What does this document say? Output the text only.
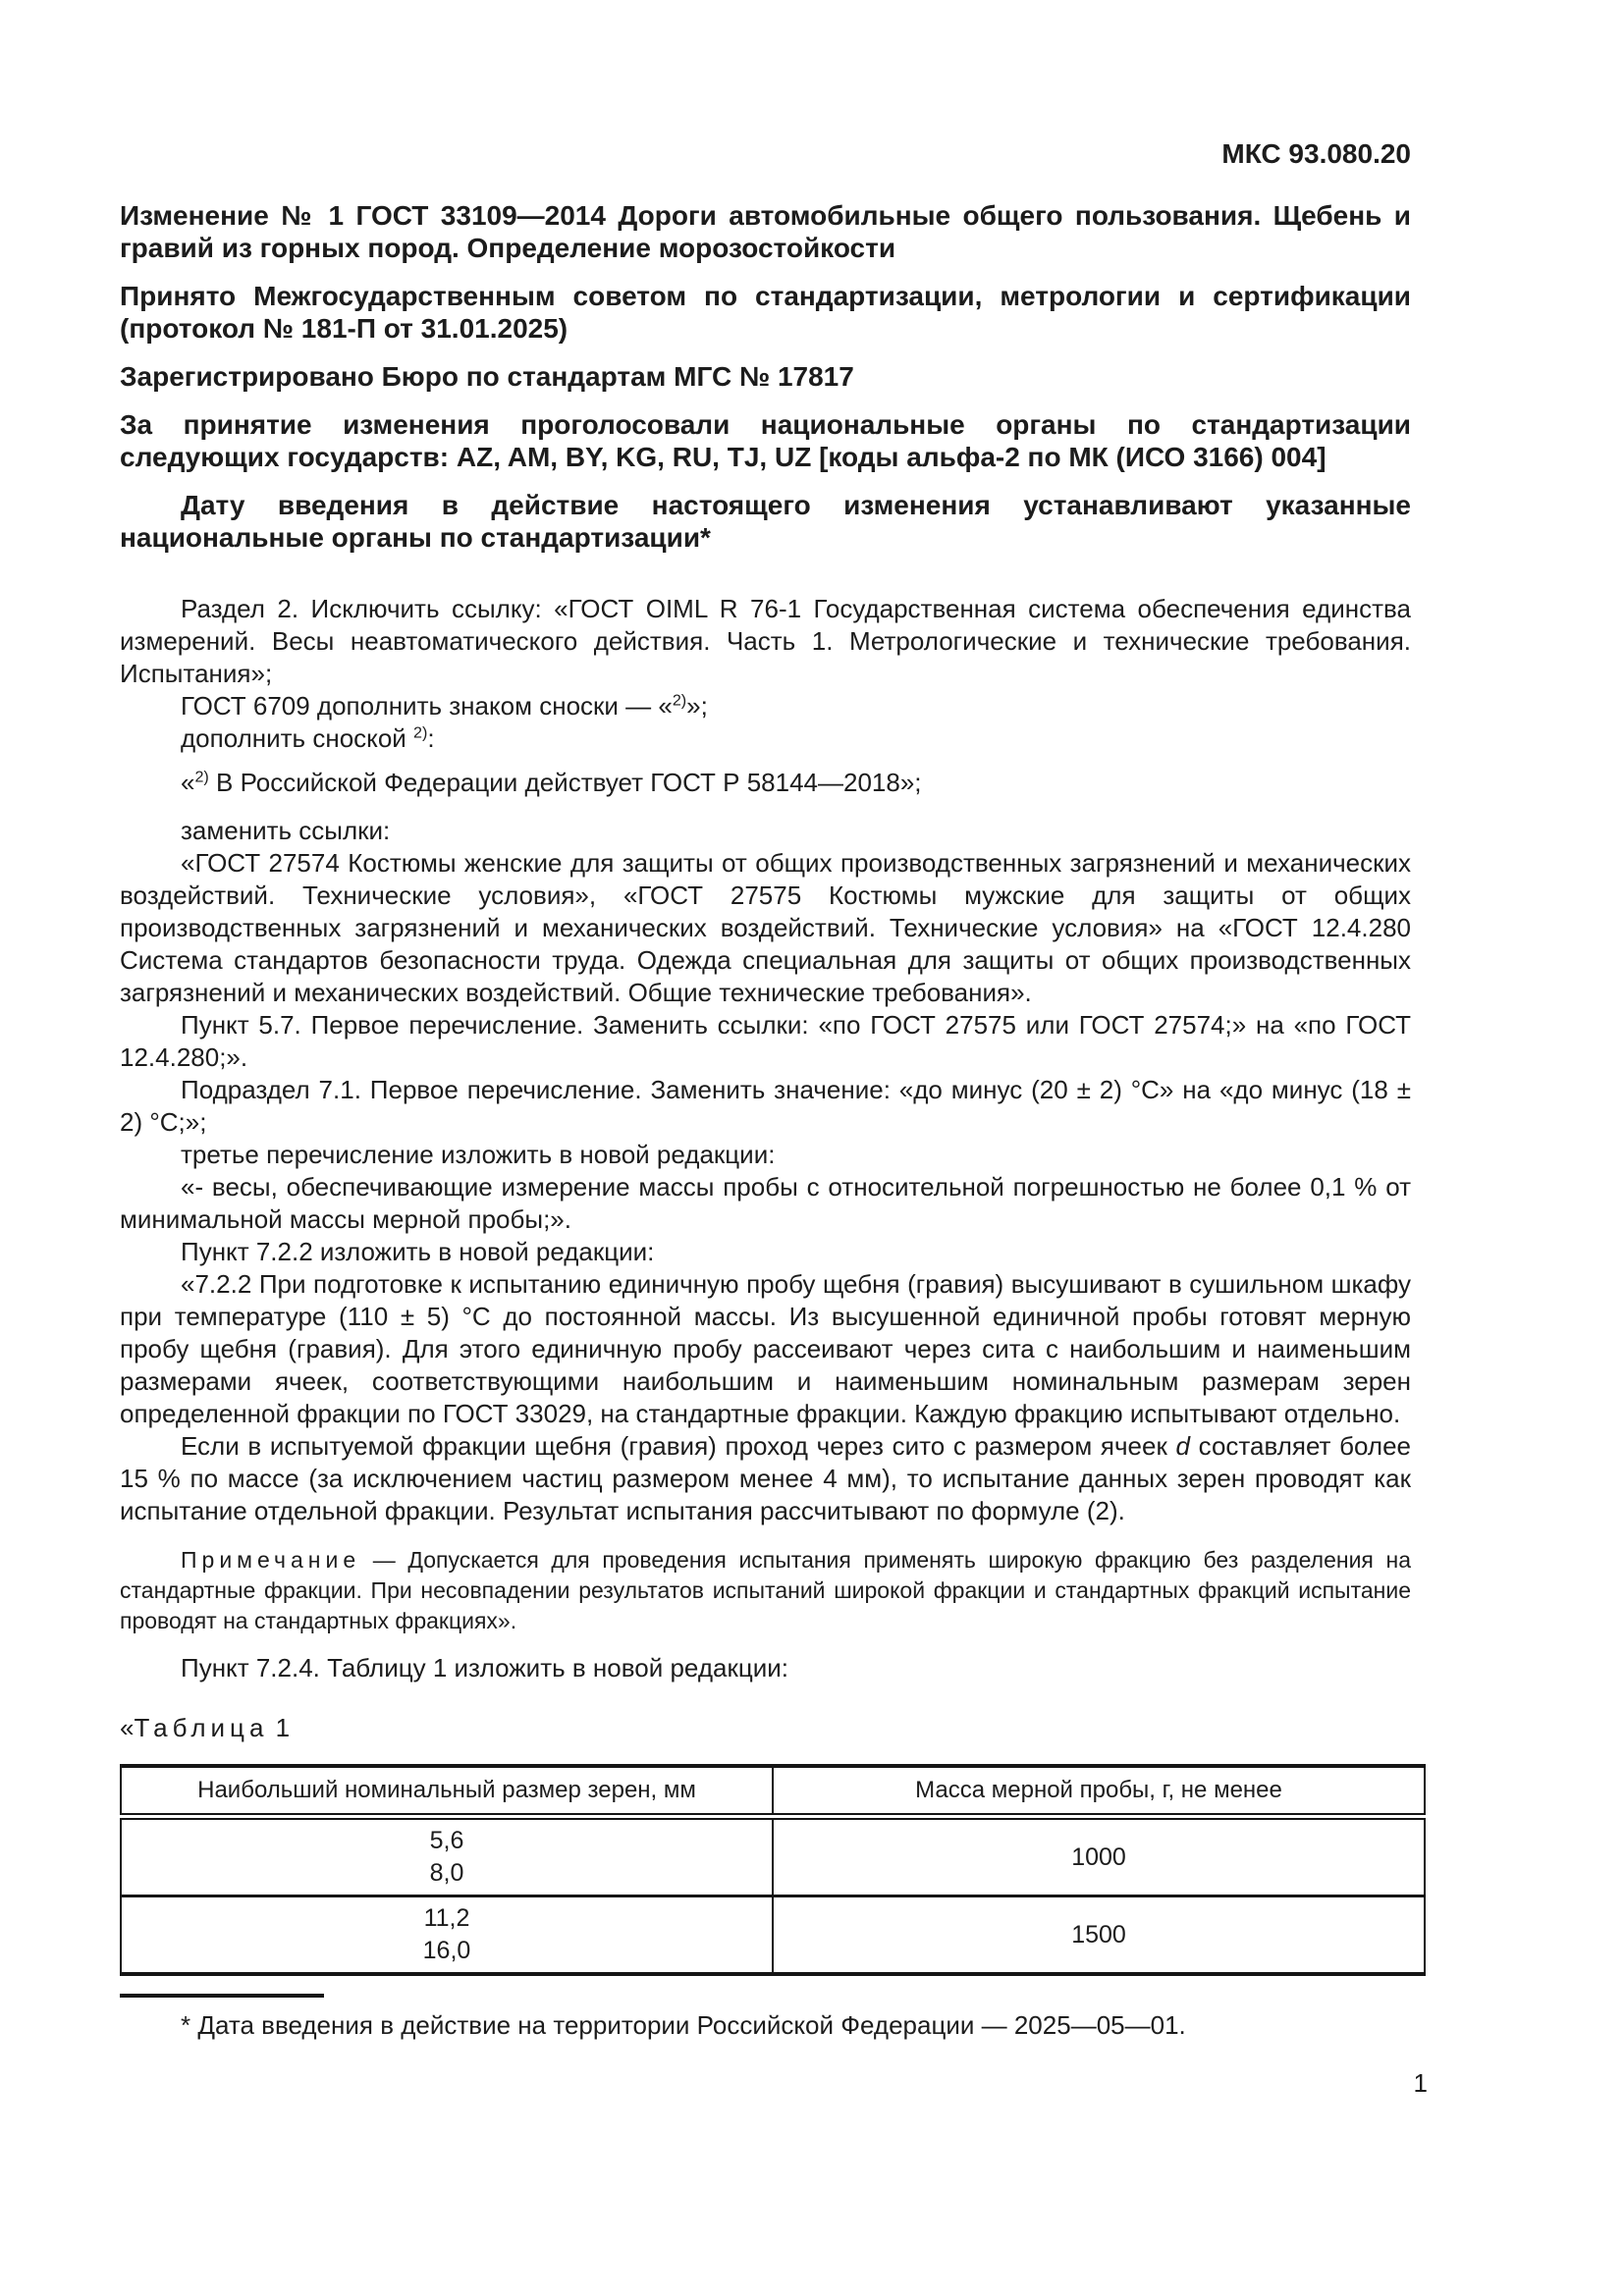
МКС 93.080.20

Изменение № 1 ГОСТ 33109—2014 Дороги автомобильные общего пользования. Щебень и гравий из горных пород. Определение морозостойкости

Принято Межгосударственным советом по стандартизации, метрологии и сертификации (протокол № 181-П от 31.01.2025)

Зарегистрировано Бюро по стандартам МГС № 17817

За принятие изменения проголосовали национальные органы по стандартизации следующих государств: AZ, AM, BY, KG, RU, TJ, UZ [коды альфа-2 по МК (ИСО 3166) 004]

Дату введения в действие настоящего изменения устанавливают указанные национальные органы по стандартизации*

Раздел 2. Исключить ссылку: «ГОСТ OIML R 76-1 Государственная система обеспечения единства измерений. Весы неавтоматического действия. Часть 1. Метрологические и технические требования. Испытания»;

ГОСТ 6709 дополнить знаком сноски — «$^{2)}$»;

дополнить сноской $^{2)}$:

«$^{2)}$ В Российской Федерации действует ГОСТ Р 58144—2018»;

заменить ссылки:

«ГОСТ 27574 Костюмы женские для защиты от общих производственных загрязнений и механических воздействий. Технические условия», «ГОСТ 27575 Костюмы мужские для защиты от общих производственных загрязнений и механических воздействий. Технические условия» на «ГОСТ 12.4.280 Система стандартов безопасности труда. Одежда специальная для защиты от общих производственных загрязнений и механических воздействий. Общие технические требования».

Пункт 5.7. Первое перечисление. Заменить ссылки: «по ГОСТ 27575 или ГОСТ 27574;» на «по ГОСТ 12.4.280;».

Подраздел 7.1. Первое перечисление. Заменить значение: «до минус (20 ± 2) °С» на «до минус (18 ± 2) °С;»;

третье перечисление изложить в новой редакции:

«- весы, обеспечивающие измерение массы пробы с относительной погрешностью не более 0,1 % от минимальной массы мерной пробы;».

Пункт 7.2.2 изложить в новой редакции:

«7.2.2 При подготовке к испытанию единичную пробу щебня (гравия) высушивают в сушильном шкафу при температуре (110 ± 5) °С до постоянной массы. Из высушенной единичной пробы готовят мерную пробу щебня (гравия). Для этого единичную пробу рассеивают через сита с наибольшим и наименьшим размерами ячеек, соответствующими наибольшим и наименьшим номинальным размерам зерен определенной фракции по ГОСТ 33029, на стандартные фракции. Каждую фракцию испытывают отдельно.

Если в испытуемой фракции щебня (гравия) проход через сито с размером ячеек d составляет более 15 % по массе (за исключением частиц размером менее 4 мм), то испытание данных зерен проводят как испытание отдельной фракции. Результат испытания рассчитывают по формуле (2).

Примечание — Допускается для проведения испытания применять широкую фракцию без разделения на стандартные фракции. При несовпадении результатов испытаний широкой фракции и стандартных фракций испытание проводят на стандартных фракциях».

Пункт 7.2.4. Таблицу 1 изложить в новой редакции:

«Таблица 1

Наибольший номинальный размер зерен, мм	Масса мерной пробы, г, не менее

5,6
8,0	1000

11,2
16,0	1500

* Дата введения в действие на территории Российской Федерации — 2025—05—01.

1
